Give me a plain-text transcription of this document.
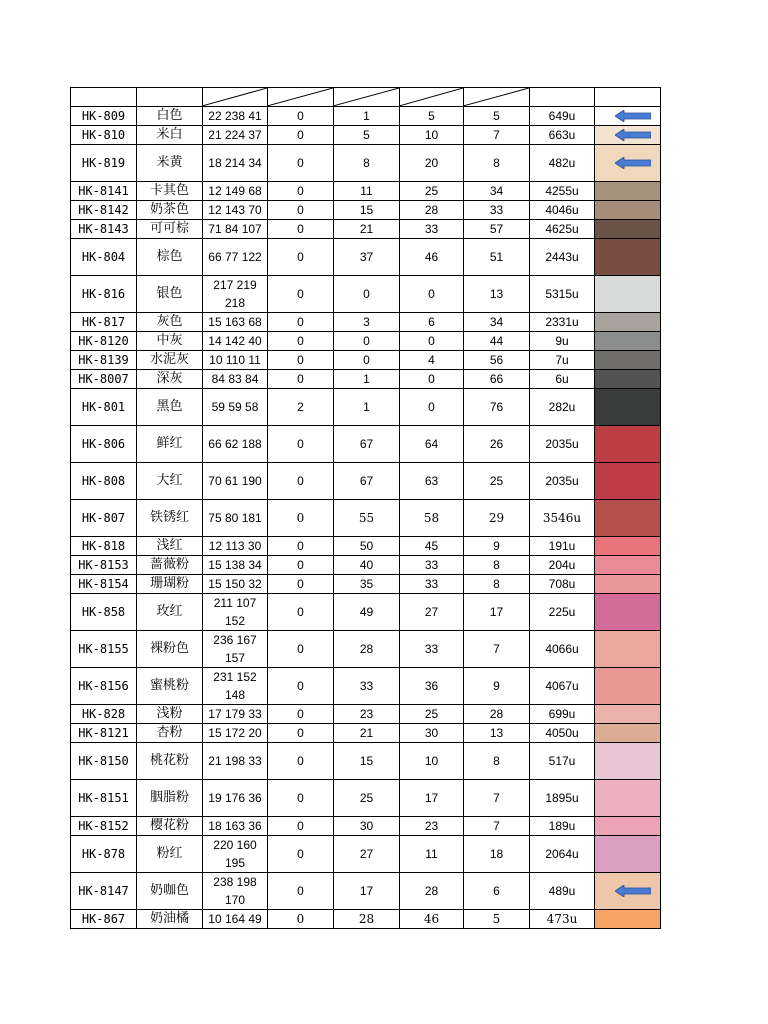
HK-809	白色	41 238 22	0	1	5	5	649u	

HK-810	米白	37 224 21	0	5	10	7	663u	

HK-819	米黄	34 214 18	0	8	20	8	482u	

HK-8141	卡其色	68 149 12	0	11	25	34	4255u	
HK-8142	奶茶色	70 143 12	0	15	28	33	4046u	
HK-8143	可可棕	107 84 71	0	21	33	57	4625u	
HK-804	棕色	122 77 66	0	37	46	51	2443u	
HK-816	银色	217 219 218	0	0	0	13	5315u	
HK-817	灰色	68 163 15	0	3	6	34	2331u	
HK-8120	中灰	40 142 14	0	0	0	44	9u	
HK-8139	水泥灰	11 110 10	0	0	4	56	7u	
HK-8007	深灰	84 83 84	0	1	0	66	6u	
HK-801	黑色	58 59 59	2	1	0	76	282u	
HK-806	鲜红	188 62 66	0	67	64	26	2035u	
HK-808	大红	190 61 70	0	67	63	25	2035u	
HK-807	铁锈红	181 80 75	0	55	58	29	3546u	
HK-818	浅红	30 113 12	0	50	45	9	191u	
HK-8153	蔷薇粉	34 138 15	0	40	33	8	204u	
HK-8154	珊瑚粉	32 150 15	0	35	33	8	708u	
HK-858	玫红	211 107 152	0	49	27	17	225u	
HK-8155	裸粉色	236 167 157	0	28	33	7	4066u	
HK-8156	蜜桃粉	231 152 148	0	33	36	9	4067u	
HK-828	浅粉	33 179 17	0	23	25	28	699u	
HK-8121	杏粉	20 172 15	0	21	30	13	4050u	
HK-8150	桃花粉	33 198 21	0	15	10	8	517u	
HK-8151	胭脂粉	36 176 19	0	25	17	7	1895u	
HK-8152	樱花粉	36 163 18	0	30	23	7	189u	
HK-878	粉红	220 160 195	0	27	11	18	2064u	
HK-8147	奶咖色	238 198 170	0	17	28	6	489u	

HK-867	奶油橘	49 164 10	0	28	46	5	473u	
